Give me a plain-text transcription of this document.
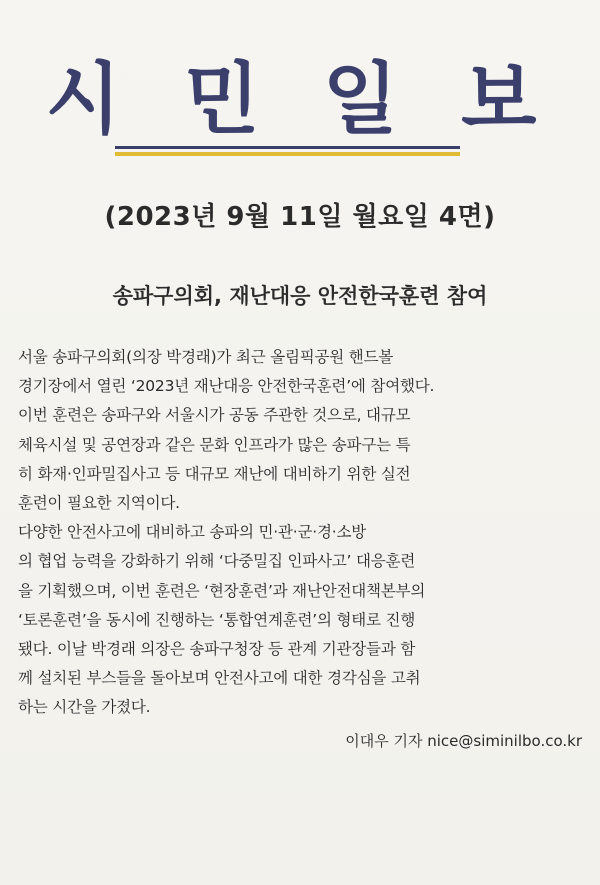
시 민 일 보
(2023년 9월 11일 월요일 4면)
송파구의회, 재난대응 안전한국훈련 참여
서울 송파구의회(의장 박경래)가 최근 올림픽공원 핸드볼
경기장에서 열린 ‘2023년 재난대응 안전한국훈련’에 참여했다.
이번 훈련은 송파구와 서울시가 공동 주관한 것으로, 대규모
체육시설 및 공연장과 같은 문화 인프라가 많은 송파구는 특
히 화재·인파밀집사고 등 대규모 재난에 대비하기 위한 실전
훈련이 필요한 지역이다.
다양한 안전사고에 대비하고 송파의 민·관·군·경·소방
의 협업 능력을 강화하기 위해 ‘다중밀집 인파사고’ 대응훈련
을 기획했으며, 이번 훈련은 ‘현장훈련’과 재난안전대책본부의
‘토론훈련’을 동시에 진행하는 ‘통합연계훈련’의 형태로 진행
됐다. 이날 박경래 의장은 송파구청장 등 관계 기관장들과 함
께 설치된 부스들을 돌아보며 안전사고에 대한 경각심을 고취
하는 시간을 가졌다.
이대우 기자 nice@siminilbo.co.kr
